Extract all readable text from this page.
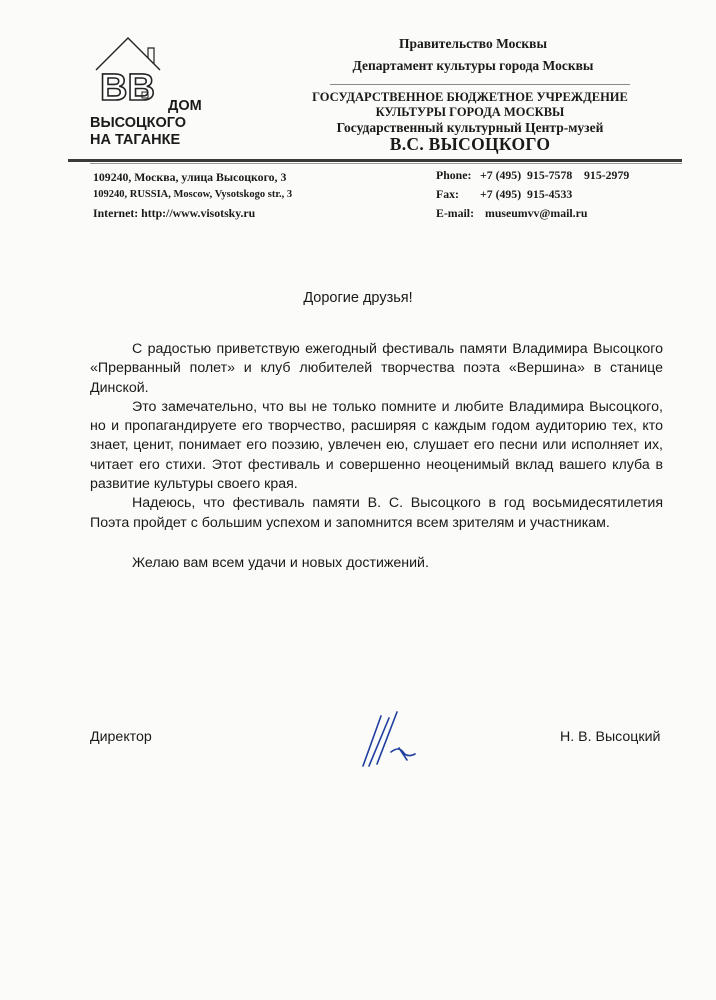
ВВ ДОМ
ВЫСОЦКОГО
НА ТАГАНКЕ
Правительство Москвы
Департамент культуры города Москвы
ГОСУДАРСТВЕННОЕ БЮДЖЕТНОЕ УЧРЕЖДЕНИЕ
КУЛЬТУРЫ ГОРОДА МОСКВЫ
Государственный культурный Центр-музей
В.С. ВЫСОЦКОГО
109240, Москва, улица Высоцкого, 3
109240, RUSSIA, Moscow, Vysotskogo str., 3
Internet: http://www.visotsky.ru
Phone: +7 (495)  915-7578    915-2979
Fax:	+7 (495)  915-4533
E-mail: museumvv@mail.ru
Дорогие друзья!

С радостью приветствую ежегодный фестиваль памяти Владимира Высоцкого «Прерванный полет» и клуб любителей творчества поэта «Вершина» в станице Динской.

Это замечательно, что вы не только помните и любите Владимира Высоцкого, но и пропагандируете его творчество, расширяя с каждым годом аудиторию тех, кто знает, ценит, понимает его поэзию, увлечен ею, слушает его песни или исполняет их, читает его стихи. Этот фестиваль и совершенно неоценимый вклад вашего клуба в развитие культуры своего края.

Надеюсь, что фестиваль памяти В. С. Высоцкого в год восьмидесятилетия Поэта пройдет с большим успехом и запомнится всем зрителям и участникам.

Желаю вам всем удачи и новых достижений.

Директор	Н. В. Высоцкий
